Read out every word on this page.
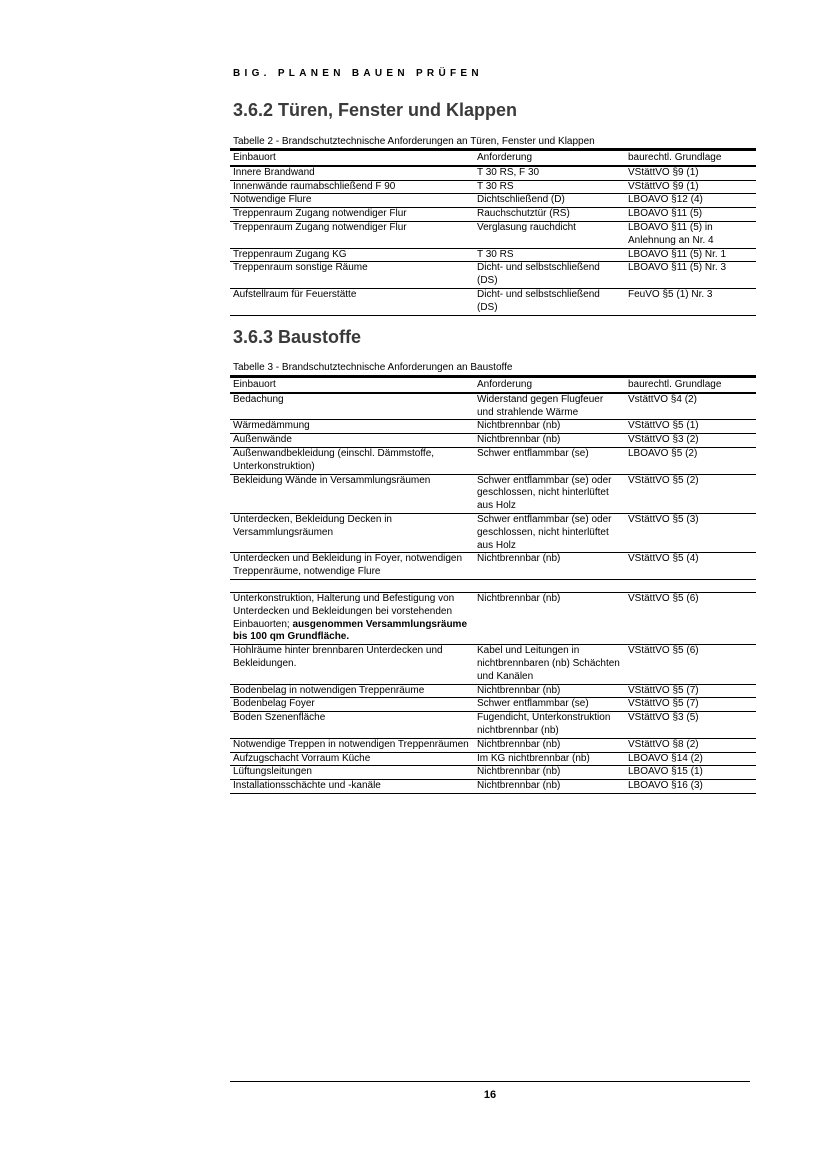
BIG. PLANEN BAUEN PRÜFEN
3.6.2 Türen, Fenster und Klappen
Tabelle 2 - Brandschutztechnische Anforderungen an Türen, Fenster und Klappen
Einbauort	Anforderung	baurechtl. Grundlage
Innere Brandwand	T 30 RS, F 30	VStättVO §9 (1)
Innenwände raumabschließend F 90	T 30 RS	VStättVO §9 (1)
Notwendige Flure	Dichtschließend (D)	LBOAVO §12 (4)
Treppenraum Zugang notwendiger Flur	Rauchschutztür (RS)	LBOAVO §11 (5)
Treppenraum Zugang notwendiger Flur	Verglasung rauchdicht	LBOAVO §11 (5) in Anlehnung an Nr. 4
Treppenraum Zugang KG	T 30 RS	LBOAVO §11 (5) Nr. 1
Treppenraum sonstige Räume	Dicht- und selbstschließend (DS)	LBOAVO §11 (5) Nr. 3
Aufstellraum für Feuerstätte	Dicht- und selbstschließend (DS)	FeuVO §5 (1) Nr. 3
3.6.3 Baustoffe
Tabelle 3 - Brandschutztechnische Anforderungen an Baustoffe
Einbauort	Anforderung	baurechtl. Grundlage
Bedachung	Widerstand gegen Flugfeuer und strahlende Wärme	VstättVO §4 (2)
Wärmedämmung	Nichtbrennbar (nb)	VStättVO §5 (1)
Außenwände	Nichtbrennbar (nb)	VStättVO §3 (2)
Außenwandbekleidung (einschl. Dämmstoffe, Unterkonstruktion)	Schwer entflammbar (se)	LBOAVO §5 (2)
Bekleidung Wände in Versammlungsräumen	Schwer entflammbar (se) oder geschlossen, nicht hinterlüftet aus Holz	VStättVO §5 (2)
Unterdecken, Bekleidung Decken in Versammlungsräumen	Schwer entflammbar (se) oder geschlossen, nicht hinterlüftet aus Holz	VStättVO §5 (3)
Unterdecken und Bekleidung in Foyer, notwendigen Treppenräume, notwendige Flure	Nichtbrennbar (nb)	VStättVO §5 (4)

Unterkonstruktion, Halterung und Befestigung von Unterdecken und Bekleidungen bei vorstehenden Einbauorten; ausgenommen Versammlungsräume bis 100 qm Grundfläche.	Nichtbrennbar (nb)	VStättVO §5 (6)
Hohlräume hinter brennbaren Unterdecken und Bekleidungen.	Kabel und Leitungen in nichtbrennbaren (nb) Schächten und Kanälen	VStättVO §5 (6)
Bodenbelag in notwendigen Treppenräume	Nichtbrennbar (nb)	VStättVO §5 (7)
Bodenbelag Foyer	Schwer entflammbar (se)	VStättVO §5 (7)
Boden Szenenfläche	Fugendicht, Unterkonstruktion nichtbrennbar (nb)	VStättVO §3 (5)
Notwendige Treppen in notwendigen Treppenräumen	Nichtbrennbar (nb)	VStättVO §8 (2)
Aufzugschacht Vorraum Küche	Im KG nichtbrennbar (nb)	LBOAVO §14 (2)
Lüftungsleitungen	Nichtbrennbar (nb)	LBOAVO §15 (1)
Installationsschächte und -kanäle	Nichtbrennbar (nb)	LBOAVO §16 (3)
16
